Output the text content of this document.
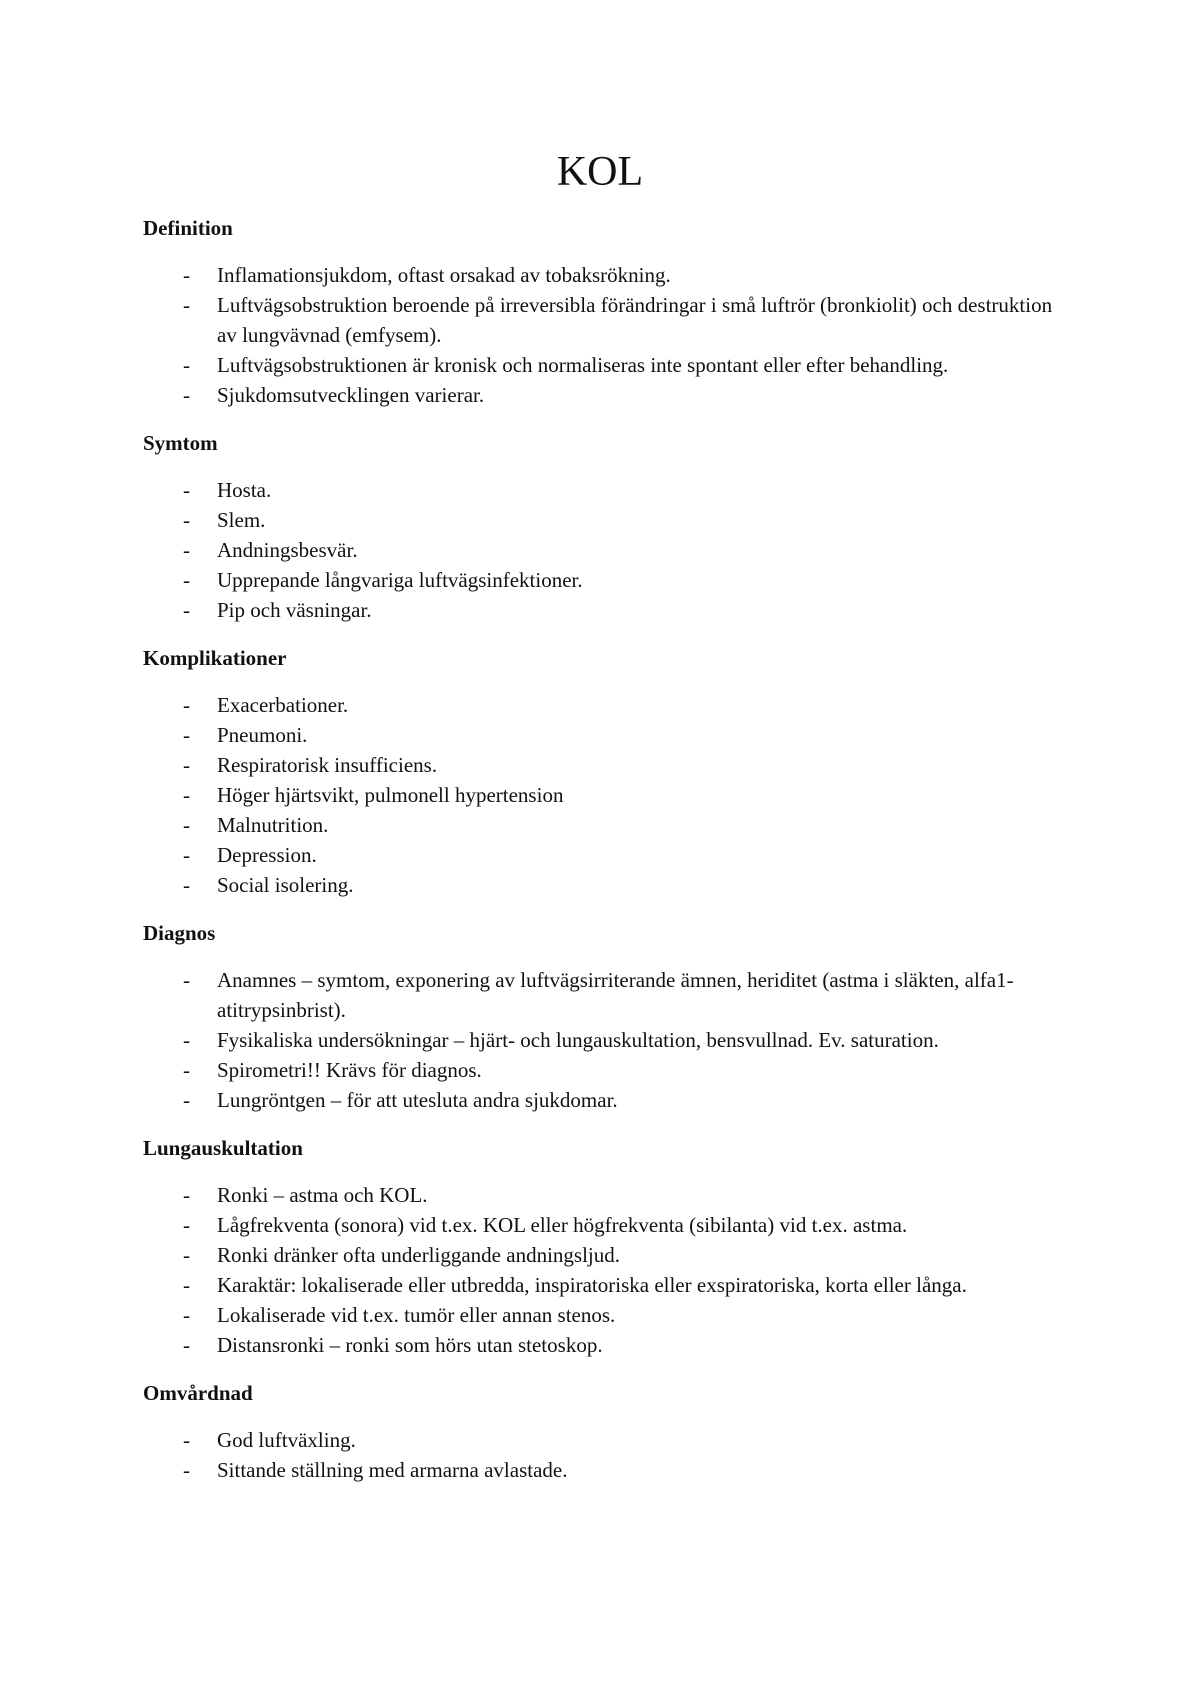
KOL
Definition
- Inflamationsjukdom, oftast orsakad av tobaksrökning.
- Luftvägsobstruktion beroende på irreversibla förändringar i små luftrör (bronkiolit) och destruktion av lungvävnad (emfysem).
- Luftvägsobstruktionen är kronisk och normaliseras inte spontant eller efter behandling.
- Sjukdomsutvecklingen varierar.
Symtom
- Hosta.
- Slem.
- Andningsbesvär.
- Upprepande långvariga luftvägsinfektioner.
- Pip och väsningar.
Komplikationer
- Exacerbationer.
- Pneumoni.
- Respiratorisk insufficiens.
- Höger hjärtsvikt, pulmonell hypertension
- Malnutrition.
- Depression.
- Social isolering.
Diagnos
- Anamnes – symtom, exponering av luftvägsirriterande ämnen, heriditet (astma i släkten, alfa1-atitrypsinbrist).
- Fysikaliska undersökningar – hjärt- och lungauskultation, bensvullnad. Ev. saturation.
- Spirometri!! Krävs för diagnos.
- Lungröntgen – för att utesluta andra sjukdomar.
Lungauskultation
- Ronki – astma och KOL.
- Lågfrekventa (sonora) vid t.ex. KOL eller högfrekventa (sibilanta) vid t.ex. astma.
- Ronki dränker ofta underliggande andningsljud.
- Karaktär: lokaliserade eller utbredda, inspiratoriska eller exspiratoriska, korta eller långa.
- Lokaliserade vid t.ex. tumör eller annan stenos.
- Distansronki – ronki som hörs utan stetoskop.
Omvårdnad
- God luftväxling.
- Sittande ställning med armarna avlastade.
